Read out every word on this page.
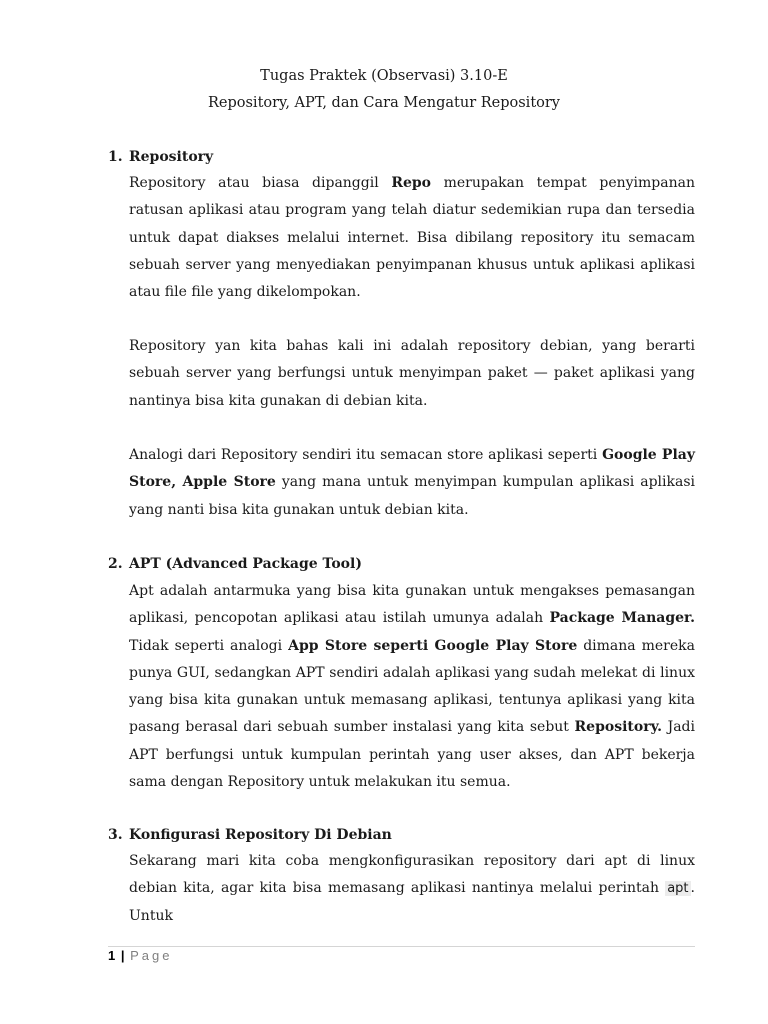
Tugas Praktek (Observasi) 3.10-E
Repository, APT, dan Cara Mengatur Repository

1. Repository

Repository atau biasa dipanggil Repo merupakan tempat penyimpanan ratusan aplikasi atau program yang telah diatur sedemikian rupa dan tersedia untuk dapat diakses melalui internet. Bisa dibilang repository itu semacam sebuah server yang menyediakan penyimpanan khusus untuk aplikasi aplikasi atau file file yang dikelompokan.

Repository yan kita bahas kali ini adalah repository debian, yang berarti sebuah server yang berfungsi untuk menyimpan paket — paket aplikasi yang nantinya bisa kita gunakan di debian kita.

Analogi dari Repository sendiri itu semacan store aplikasi seperti Google Play Store, Apple Store yang mana untuk menyimpan kumpulan aplikasi aplikasi yang nanti bisa kita gunakan untuk debian kita.

2. APT (Advanced Package Tool)

Apt adalah antarmuka yang bisa kita gunakan untuk mengakses pemasangan aplikasi, pencopotan aplikasi atau istilah umunya adalah Package Manager. Tidak seperti analogi App Store seperti Google Play Store dimana mereka punya GUI, sedangkan APT sendiri adalah aplikasi yang sudah melekat di linux yang bisa kita gunakan untuk memasang aplikasi, tentunya aplikasi yang kita pasang berasal dari sebuah sumber instalasi yang kita sebut Repository. Jadi APT berfungsi untuk kumpulan perintah yang user akses, dan APT bekerja sama dengan Repository untuk melakukan itu semua.

3. Konfigurasi Repository Di Debian

Sekarang mari kita coba mengkonfigurasikan repository dari apt di linux debian kita, agar kita bisa memasang aplikasi nantinya melalui perintah apt . Untuk

1 | Page
